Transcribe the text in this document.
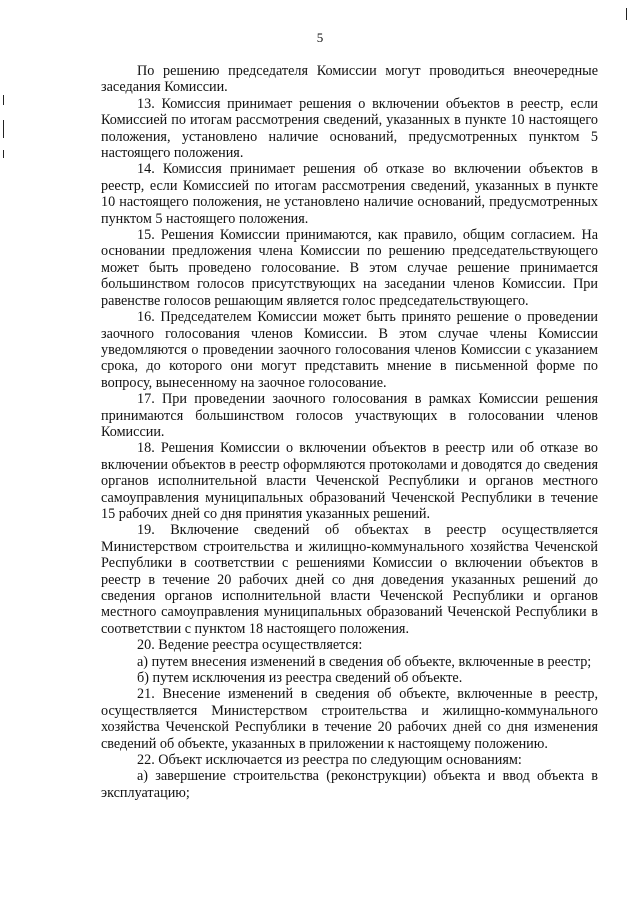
5

По решению председателя Комиссии могут проводиться внеочередные заседания Комиссии.

13. Комиссия принимает решения о включении объектов в реестр, если Комиссией по итогам рассмотрения сведений, указанных в пункте 10 настоящего положения, установлено наличие оснований, предусмотренных пунктом 5 настоящего положения.

14. Комиссия принимает решения об отказе во включении объектов в реестр, если Комиссией по итогам рассмотрения сведений, указанных в пункте 10 настоящего положения, не установлено наличие оснований, предусмотренных пунктом 5 настоящего положения.

15. Решения Комиссии принимаются, как правило, общим согласием. На основании предложения члена Комиссии по решению председательствующего может быть проведено голосование. В этом случае решение принимается большинством голосов присутствующих на заседании членов Комиссии. При равенстве голосов решающим является голос председательствующего.

16. Председателем Комиссии может быть принято решение о проведении заочного голосования членов Комиссии. В этом случае члены Комиссии уведомляются о проведении заочного голосования членов Комиссии с указанием срока, до которого они могут представить мнение в письменной форме по вопросу, вынесенному на заочное голосование.

17. При проведении заочного голосования в рамках Комиссии решения принимаются большинством голосов участвующих в голосовании членов Комиссии.

18. Решения Комиссии о включении объектов в реестр или об отказе во включении объектов в реестр оформляются протоколами и доводятся до сведения органов исполнительной власти Чеченской Республики и органов местного самоуправления муниципальных образований Чеченской Республики в течение 15 рабочих дней со дня принятия указанных решений.

19. Включение сведений об объектах в реестр осуществляется Министерством строительства и жилищно-коммунального хозяйства Чеченской Республики в соответствии с решениями Комиссии о включении объектов в реестр в течение 20 рабочих дней со дня доведения указанных решений до сведения органов исполнительной власти Чеченской Республики и органов местного самоуправления муниципальных образований Чеченской Республики в соответствии с пунктом 18 настоящего положения.

20. Ведение реестра осуществляется:

а) путем внесения изменений в сведения об объекте, включенные в реестр;

б) путем исключения из реестра сведений об объекте.

21. Внесение изменений в сведения об объекте, включенные в реестр, осуществляется Министерством строительства и жилищно-коммунального хозяйства Чеченской Республики в течение 20 рабочих дней со дня изменения сведений об объекте, указанных в приложении к настоящему положению.

22. Объект исключается из реестра по следующим основаниям:

а) завершение строительства (реконструкции) объекта и ввод объекта в эксплуатацию;
